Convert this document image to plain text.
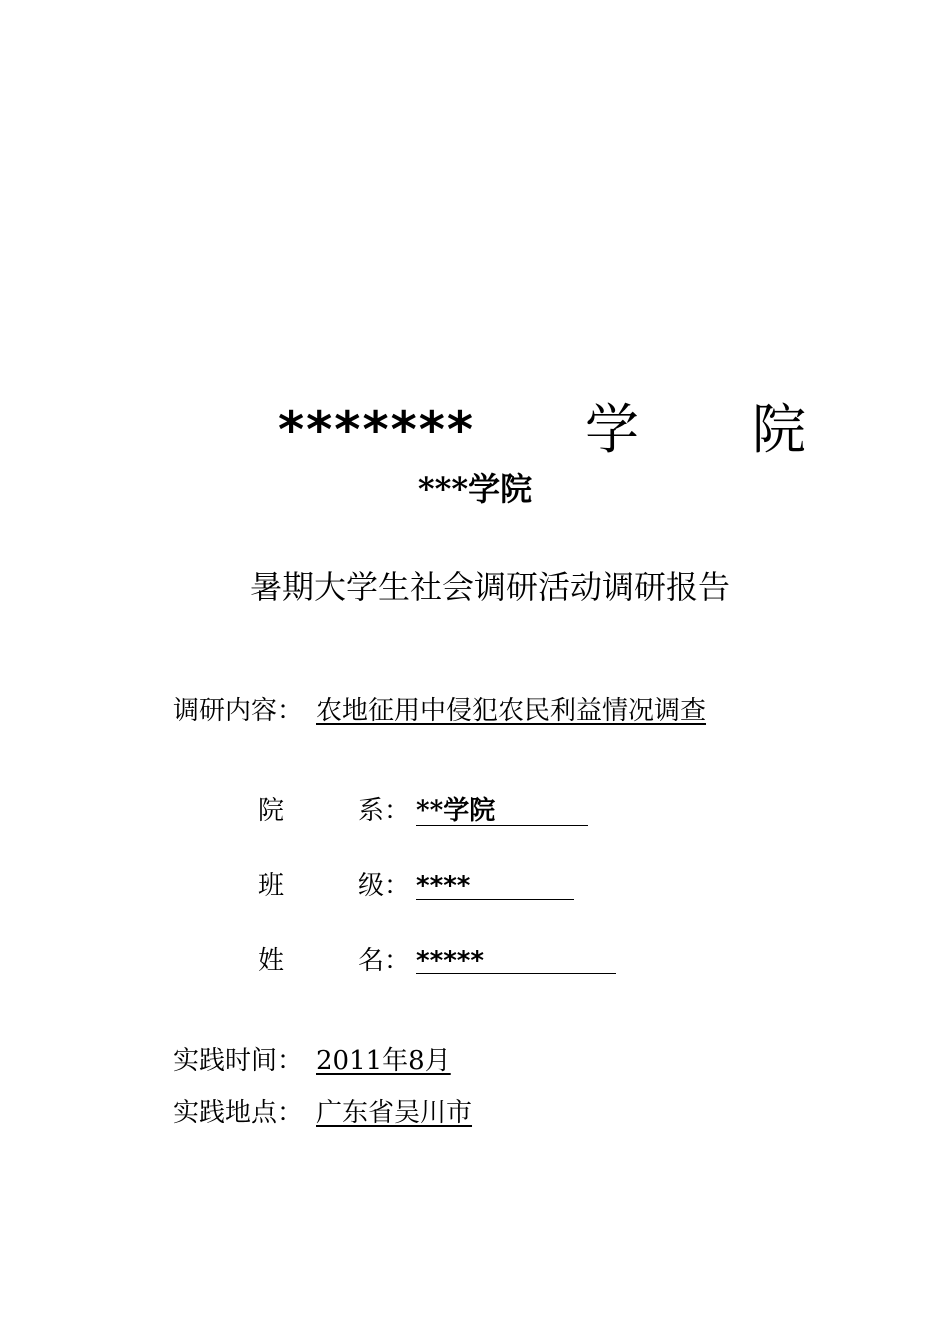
******* 学 院
***学院
暑期大学生社会调研活动调研报告
调研内容： 农地征用中侵犯农民利益情况调查
院	系： **学院
班	级： ****
姓	名： *****
实践时间： 2011年8月
实践地点： 广东省吴川市
